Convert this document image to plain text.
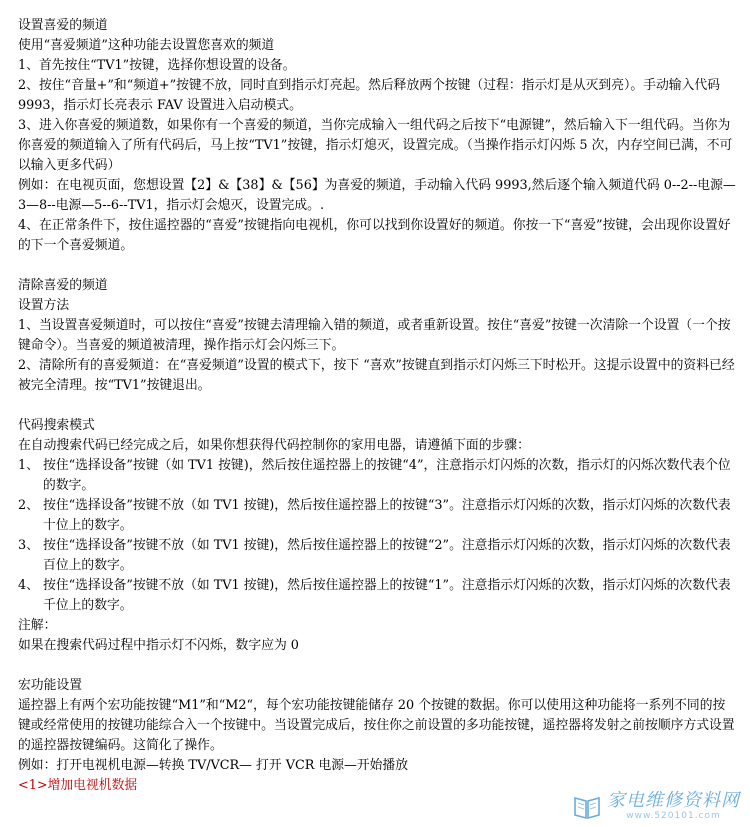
设置喜爱的频道
使用“喜爱频道”这种功能去设置您喜欢的频道
1、首先按住“TV1”按键，选择你想设置的设备。
2、按住“音量+”和“频道+”按键不放，同时直到指示灯亮起。然后释放两个按键（过程：指示灯是从灭到亮）。手动输入代码 9993，指示灯长亮表示 FAV 设置进入启动模式。
3、进入你喜爱的频道数，如果你有一个喜爱的频道，当你完成输入一组代码之后按下“电源键”，然后输入下一组代码。当你为你喜爱的频道输入了所有代码后，马上按“TV1”按键，指示灯熄灭，设置完成。（当操作指示灯闪烁 5 次，内存空间已满，不可以输入更多代码）
例如：在电视页面，您想设置【2】&【38】&【56】为喜爱的频道，手动输入代码 9993,然后逐个输入频道代码 0--2--电源—3—8--电源—5--6--TV1，指示灯会熄灭，设置完成。.
4、在正常条件下，按住遥控器的“喜爱”按键指向电视机，你可以找到你设置好的频道。你按一下“喜爱”按键，会出现你设置好的下一个喜爱频道。
清除喜爱的频道
设置方法
1、当设置喜爱频道时，可以按住“喜爱”按键去清理输入错的频道，或者重新设置。按住“喜爱”按键一次清除一个设置（一个按键命令）。当喜爱的频道被清理，操作指示灯会闪烁三下。
2、清除所有的喜爱频道：在“喜爱频道”设置的模式下，按下 “喜欢”按键直到指示灯闪烁三下时松开。这提示设置中的资料已经被完全清理。按“TV1”按键退出。
代码搜索模式
在自动搜索代码已经完成之后，如果你想获得代码控制你的家用电器，请遵循下面的步骤：
1、 按住“选择设备”按键（如 TV1 按键)，然后按住遥控器上的按键“4”，注意指示灯闪烁的次数，指示灯的闪烁次数代表个位的数字。
2、 按住“选择设备”按键不放（如 TV1 按键)，然后按住遥控器上的按键“3”。注意指示灯闪烁的次数，指示灯闪烁的次数代表十位上的数字。
3、 按住“选择设备”按键不放（如 TV1 按键)，然后按住遥控器上的按键“2”。注意指示灯闪烁的次数，指示灯闪烁的次数代表百位上的数字。
4、 按住“选择设备”按键不放（如 TV1 按键)，然后按住遥控器上的按键“1”。注意指示灯闪烁的次数，指示灯闪烁的次数代表千位上的数字。
注解：
如果在搜索代码过程中指示灯不闪烁，数字应为 0
宏功能设置
遥控器上有两个宏功能按键“M1”和“M2“，每个宏功能按键能储存 20 个按键的数据。你可以使用这种功能将一系列不同的按键或经常使用的按键功能综合入一个按键中。当设置完成后，按住你之前设置的多功能按键，遥控器将发射之前按顺序方式设置的遥控器按键编码。这简化了操作。
例如：打开电视机电源—转换 TV/VCR— 打开 VCR 电源—开始播放
<1>增加电视机数据
家电维修资料网
www.520101.com
